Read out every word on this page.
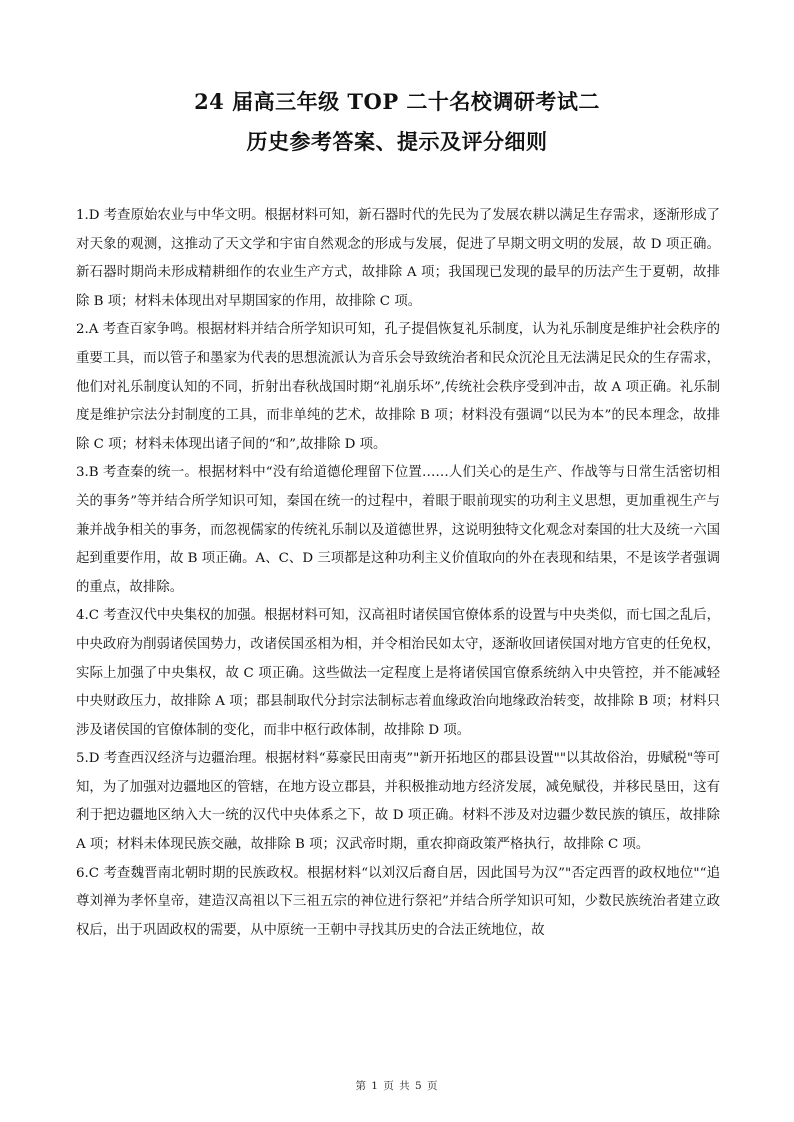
24 届高三年级 TOP 二十名校调研考试二
历史参考答案、提示及评分细则

1.D 考查原始农业与中华文明。根据材料可知，新石器时代的先民为了发展农耕以满足生存需求，逐渐形成了对天象的观测，这推动了天文学和宇宙自然观念的形成与发展，促进了早期文明文明的发展，故 D 项正确。新石器时期尚未形成精耕细作的农业生产方式，故排除 A 项；我国现已发现的最早的历法产生于夏朝，故排除 B 项；材料未体现出对早期国家的作用，故排除 C 项。

2.A 考查百家争鸣。根据材料并结合所学知识可知，孔子提倡恢复礼乐制度，认为礼乐制度是维护社会秩序的重要工具，而以管子和墨家为代表的思想流派认为音乐会导致统治者和民众沉沦且无法满足民众的生存需求，他们对礼乐制度认知的不同，折射出春秋战国时期“礼崩乐坏”,传统社会秩序受到冲击，故 A 项正确。礼乐制度是维护宗法分封制度的工具，而非单纯的艺术，故排除 B 项；材料没有强调“以民为本”的民本理念，故排除 C 项；材料未体现出诸子间的“和”,故排除 D 项。

3.B 考查秦的统一。根据材料中“没有给道德伦理留下位置……人们关心的是生产、作战等与日常生活密切相关的事务”等并结合所学知识可知，秦国在统一的过程中，着眼于眼前现实的功利主义思想，更加重视生产与兼并战争相关的事务，而忽视儒家的传统礼乐制以及道德世界，这说明独特文化观念对秦国的壮大及统一六国起到重要作用，故 B 项正确。A、C、D 三项都是这种功利主义价值取向的外在表现和结果，不是该学者强调的重点，故排除。

4.C 考查汉代中央集权的加强。根据材料可知，汉高祖时诸侯国官僚体系的设置与中央类似，而七国之乱后，中央政府为削弱诸侯国势力，改诸侯国丞相为相，并令相治民如太守，逐渐收回诸侯国对地方官吏的任免权，实际上加强了中央集权，故 C 项正确。这些做法一定程度上是将诸侯国官僚系统纳入中央管控，并不能减轻中央财政压力，故排除 A 项；郡县制取代分封宗法制标志着血缘政治向地缘政治转变，故排除 B 项；材料只涉及诸侯国的官僚体制的变化，而非中枢行政体制，故排除 D 项。

5.D 考查西汉经济与边疆治理。根据材料“募豪民田南夷”"新开拓地区的郡县设置""以其故俗治，毋赋税"等可知，为了加强对边疆地区的管辖，在地方设立郡县，并积极推动地方经济发展，减免赋役，并移民垦田，这有利于把边疆地区纳入大一统的汉代中央体系之下，故 D 项正确。材料不涉及对边疆少数民族的镇压，故排除 A 项；材料未体现民族交融，故排除 B 项；汉武帝时期，重农抑商政策严格执行，故排除 C 项。

6.C 考查魏晋南北朝时期的民族政权。根据材料“以刘汉后裔自居，因此国号为汉”"否定西晋的政权地位"“追尊刘禅为孝怀皇帝，建造汉高祖以下三祖五宗的神位进行祭祀”并结合所学知识可知，少数民族统治者建立政权后，出于巩固政权的需要，从中原统一王朝中寻找其历史的合法正统地位，故

第 1 页 共 5 页
